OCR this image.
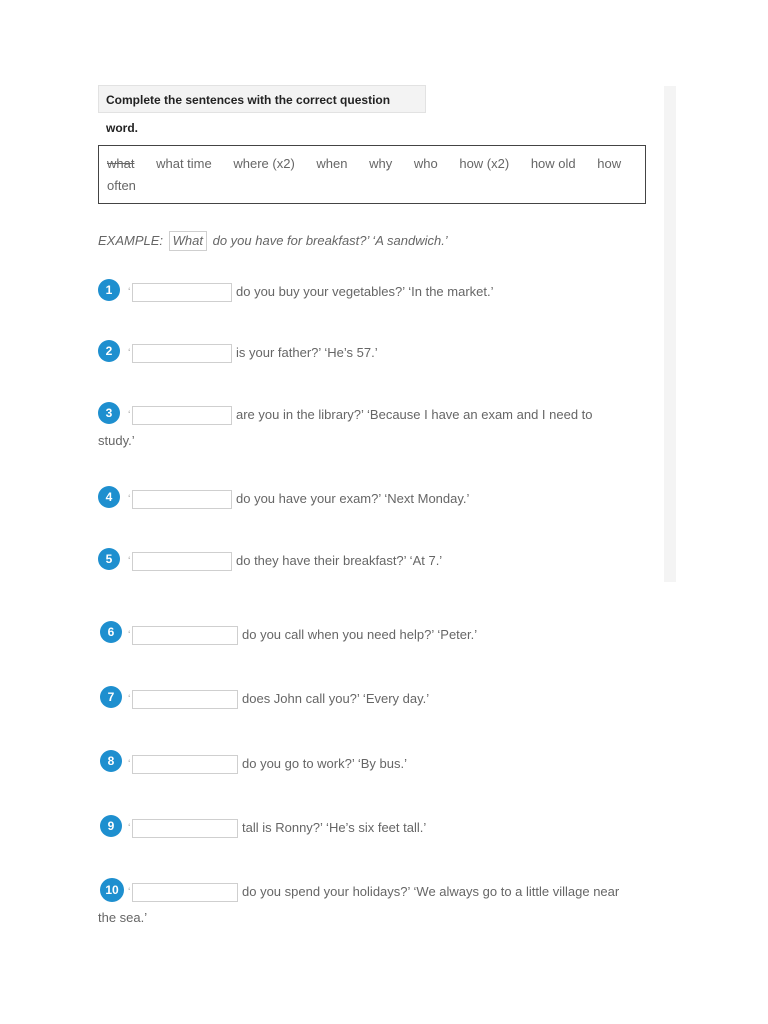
Complete the sentences with the correct question word.
what what time where (x2) when why who how (x2) how old how often
EXAMPLE: What do you have for breakfast?’ ‘A sandwich.’
1	‘	do you buy your vegetables?’ ‘In the market.’
2	‘	is your father?’ ‘He’s 57.’
3	‘	are you in the library?’ ‘Because I have an exam and I need to
study.’
4	‘	do you have your exam?’ ‘Next Monday.’
5	‘	do they have their breakfast?’ ‘At 7.’
6	‘	do you call when you need help?’ ‘Peter.’
7	‘	does John call you?’ ‘Every day.’
8	‘	do you go to work?’ ‘By bus.’
9	‘	tall is Ronny?’ ‘He’s six feet tall.’
10 ‘	do you spend your holidays?’ ‘We always go to a little village near
the sea.’
